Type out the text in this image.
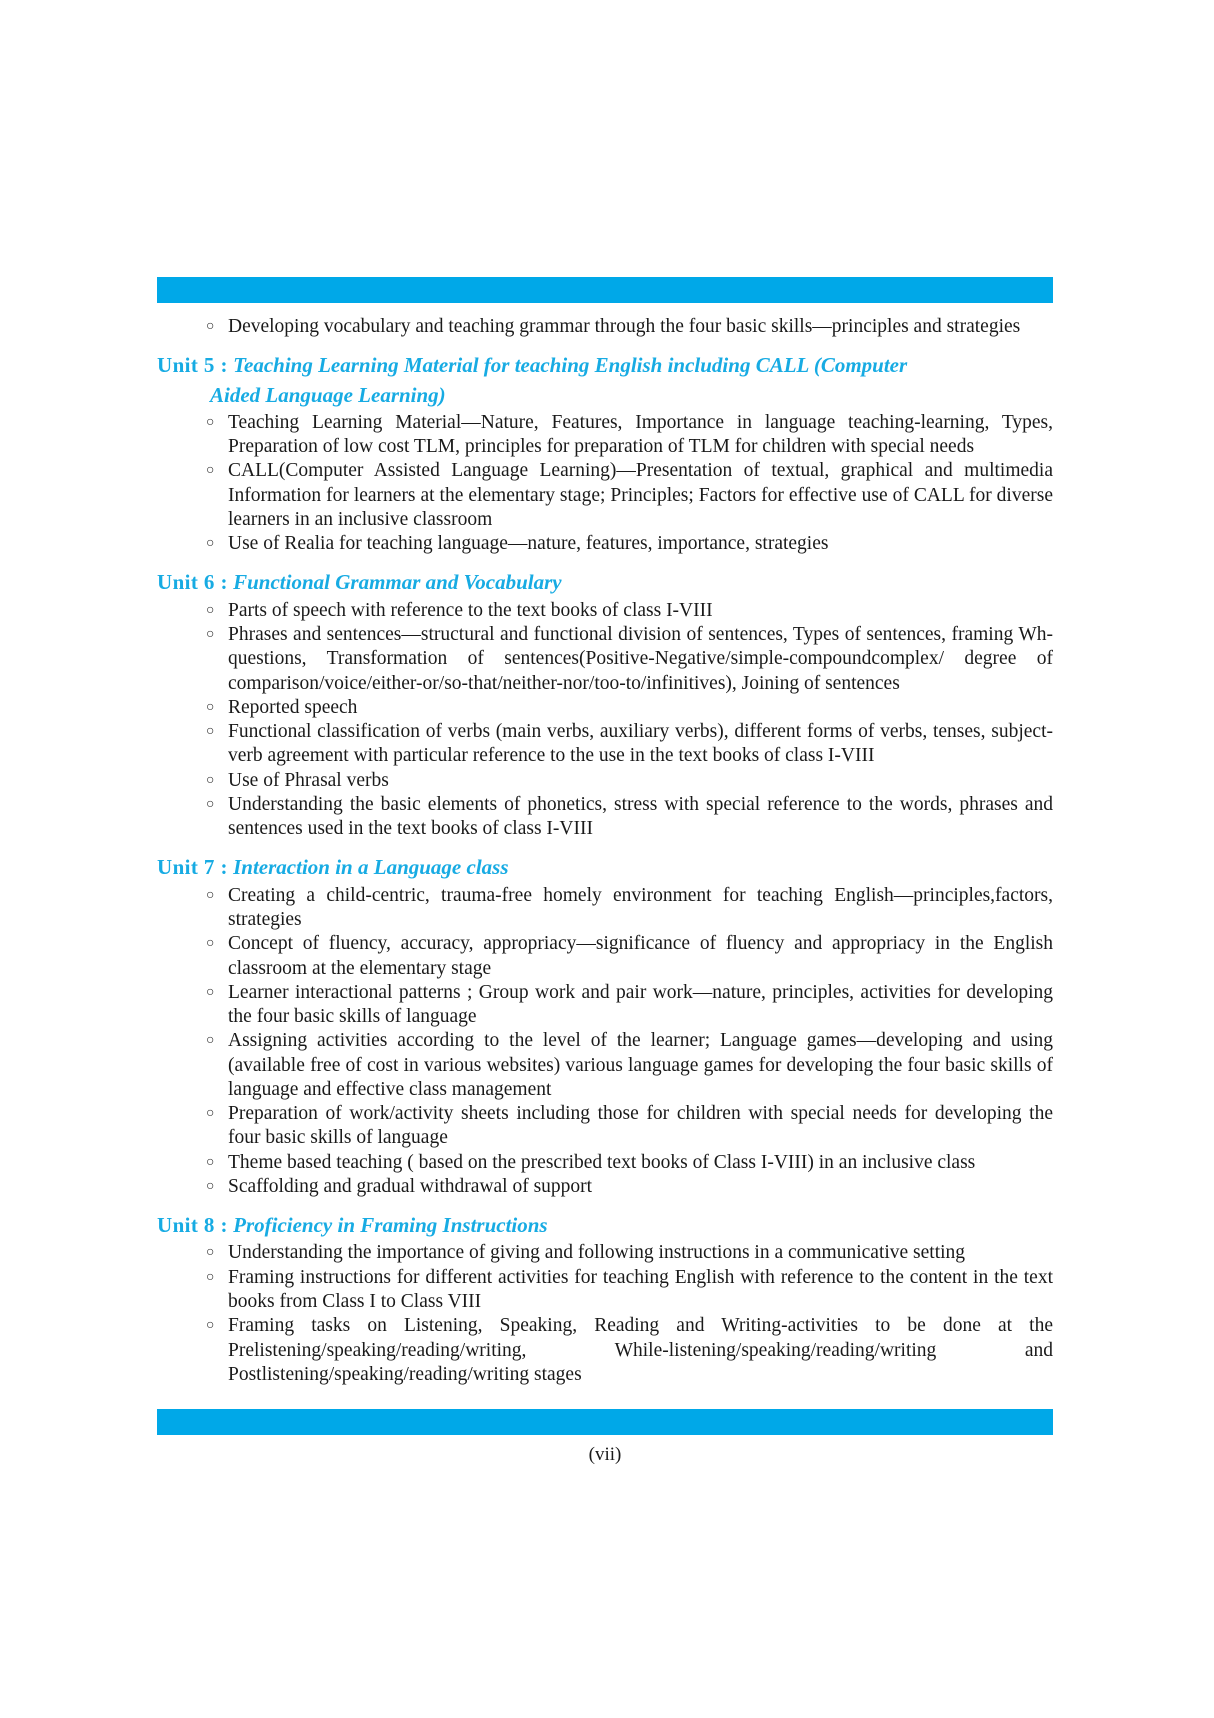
○ Developing vocabulary and teaching grammar through the four basic skills—principles and strategies
Unit 5 : Teaching Learning Material for teaching English including CALL (Computer
Aided Language Learning)
○ Teaching Learning Material—Nature, Features, Importance in language teaching-learning, Types, Preparation of low cost TLM, principles for preparation of TLM for children with special needs
○ CALL(Computer Assisted Language Learning)—Presentation of textual, graphical and multimedia Information for learners at the elementary stage; Principles; Factors for effective use of CALL for diverse learners in an inclusive classroom
○ Use of Realia for teaching language—nature, features, importance, strategies
Unit 6 : Functional Grammar and Vocabulary
○ Parts of speech with reference to the text books of class I-VIII
○ Phrases and sentences—structural and functional division of sentences, Types of sentences, framing Wh-questions, Transformation of sentences(Positive-Negative/simple-compoundcomplex/ degree of comparison/voice/either-or/so-that/neither-nor/too-to/infinitives), Joining of sentences
○ Reported speech
○ Functional classification of verbs (main verbs, auxiliary verbs), different forms of verbs, tenses, subject-verb agreement with particular reference to the use in the text books of class I-VIII
○ Use of Phrasal verbs
○ Understanding the basic elements of phonetics, stress with special reference to the words, phrases and sentences used in the text books of class I-VIII
Unit 7 : Interaction in a Language class
○ Creating a child-centric, trauma-free homely environment for teaching English—principles,factors, strategies
○ Concept of fluency, accuracy, appropriacy—significance of fluency and appropriacy in the English classroom at the elementary stage
○ Learner interactional patterns ; Group work and pair work—nature, principles, activities for developing the four basic skills of language
○ Assigning activities according to the level of the learner; Language games—developing and using (available free of cost in various websites) various language games for developing the four basic skills of language and effective class management
○ Preparation of work/activity sheets including those for children with special needs for developing the four basic skills of language
○ Theme based teaching ( based on the prescribed text books of Class I-VIII) in an inclusive class
○ Scaffolding and gradual withdrawal of support
Unit 8 : Proficiency in Framing Instructions
○ Understanding the importance of giving and following instructions in a communicative setting
○ Framing instructions for different activities for teaching English with reference to the content in the text books from Class I to Class VIII
○ Framing tasks on Listening, Speaking, Reading and Writing-activities to be done at the Prelistening/speaking/reading/writing, While-listening/speaking/reading/writing and Postlistening/speaking/reading/writing stages
(vii)
